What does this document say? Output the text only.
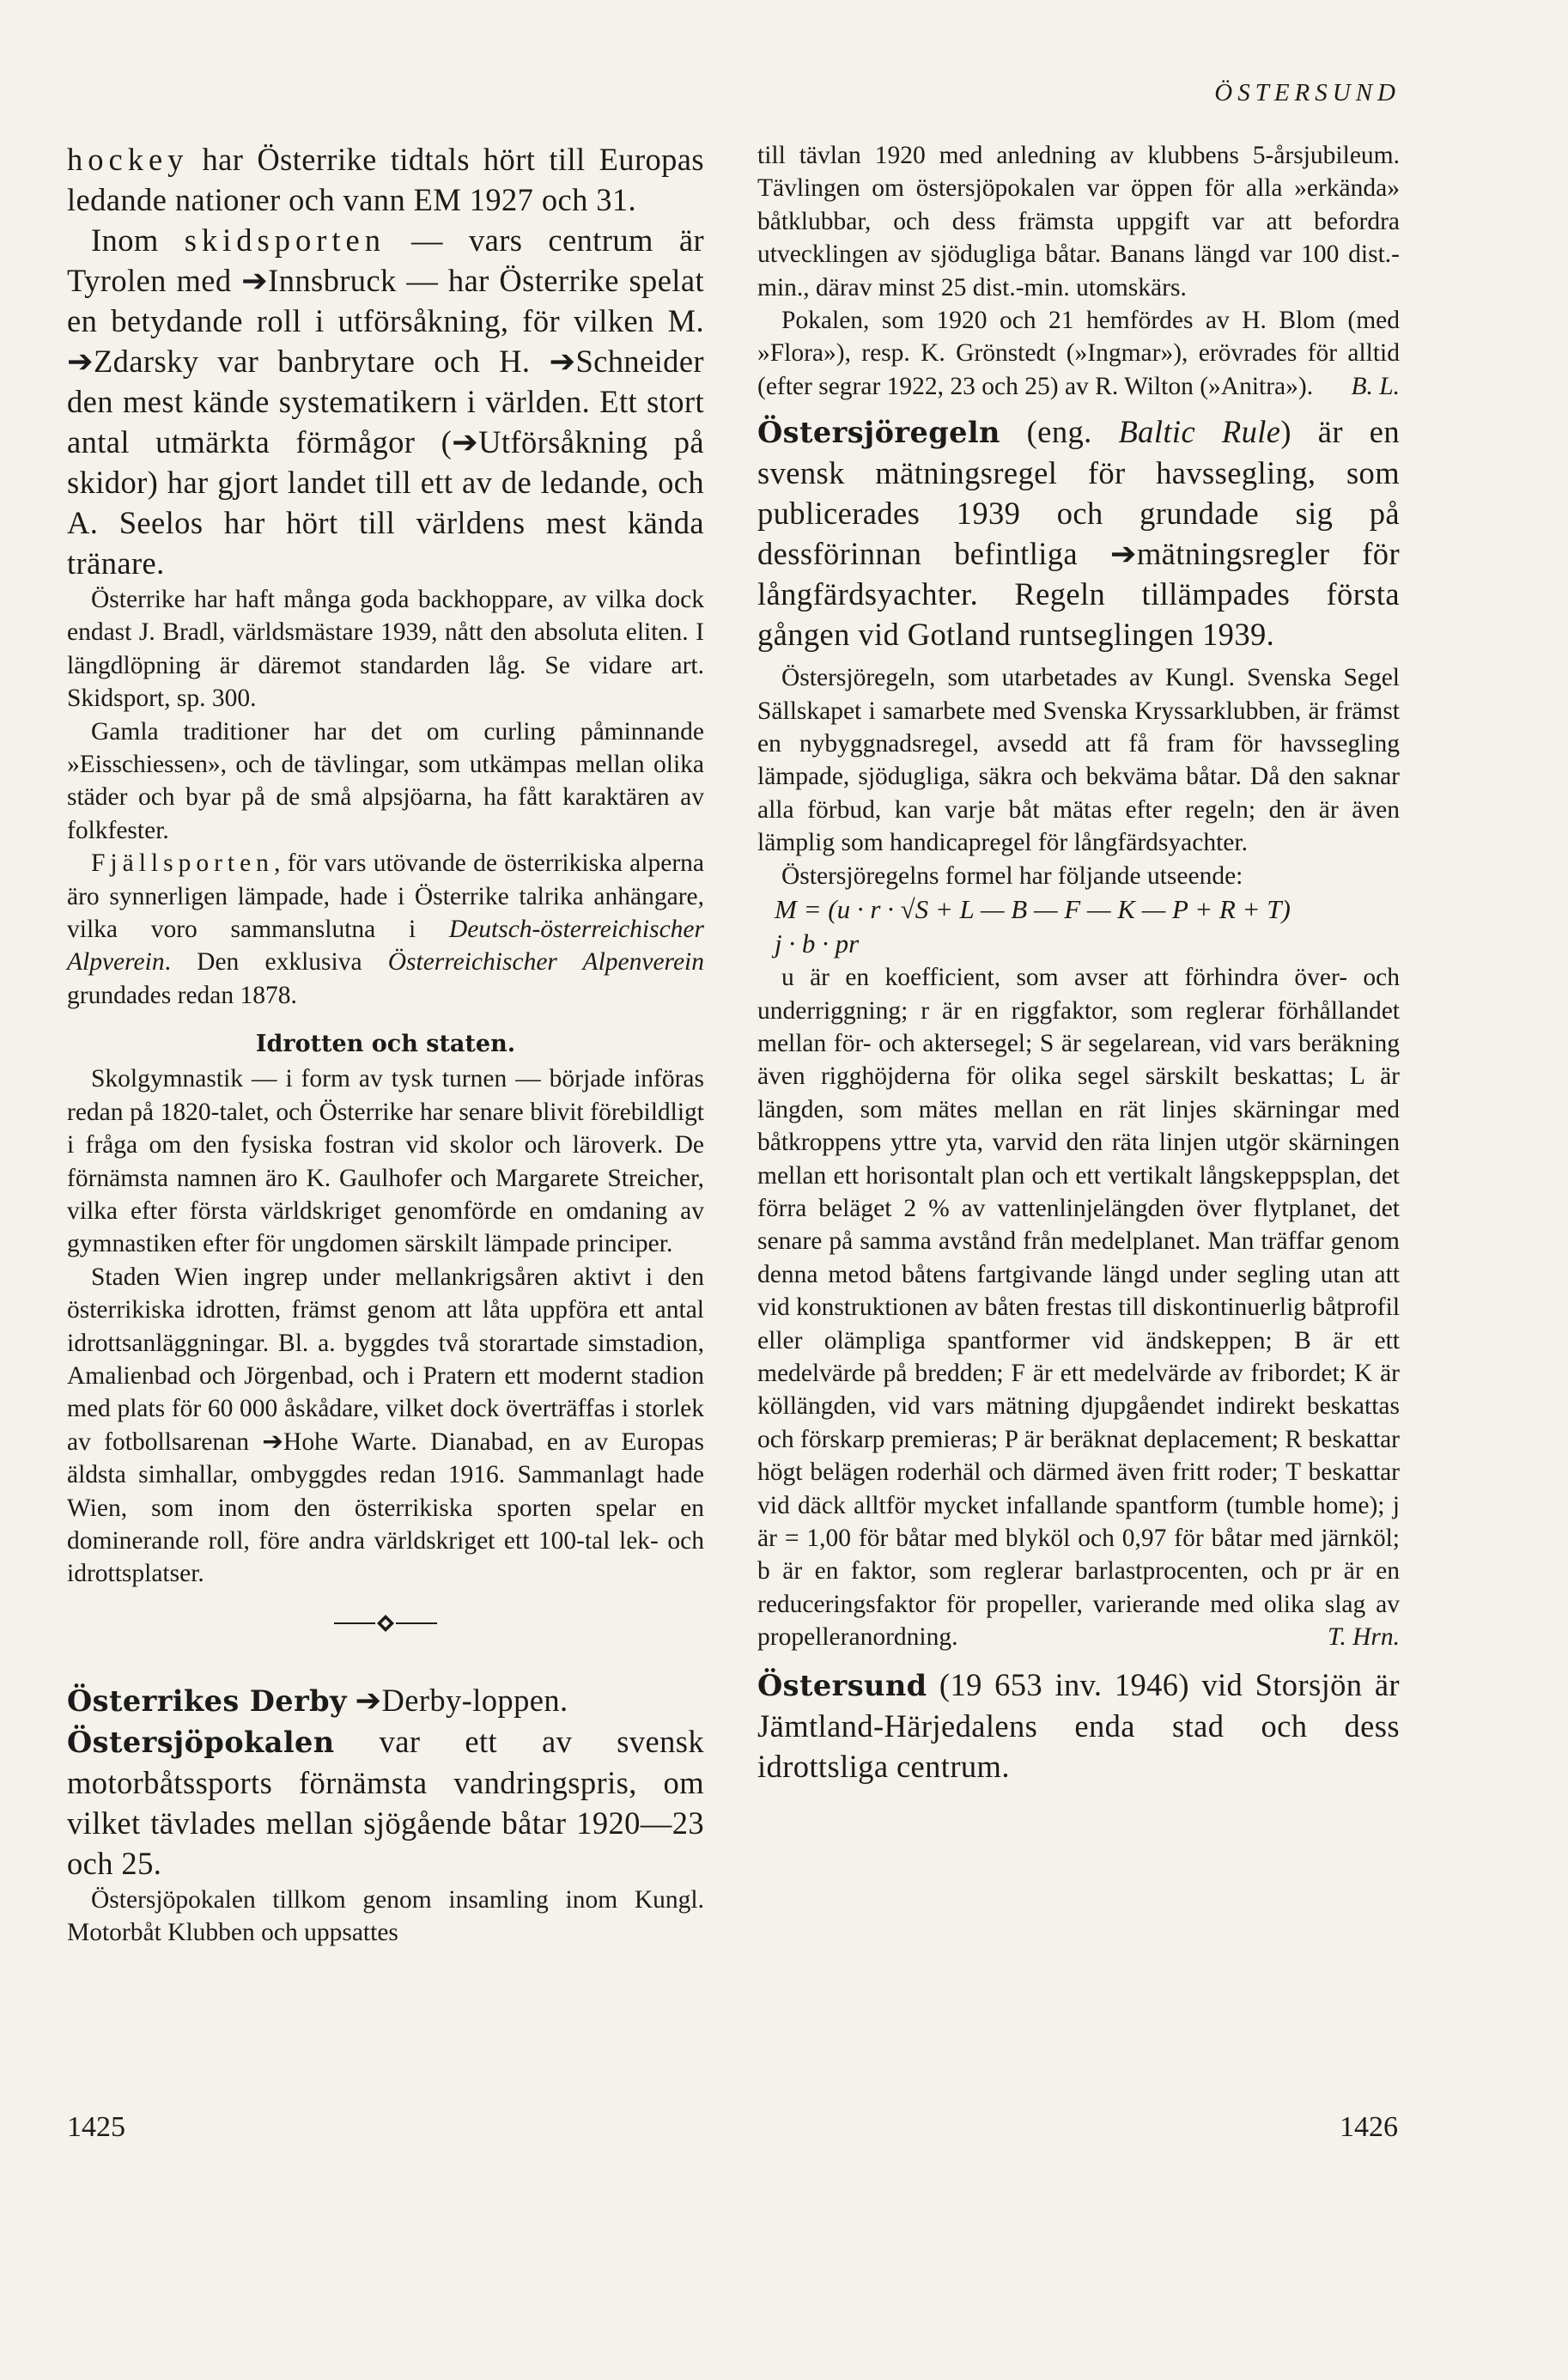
ÖSTERSUND

hockey har Österrike tidtals hört till Europas ledande nationer och vann EM 1927 och 31.

Inom skidsporten — vars centrum är Tyrolen med ➔Innsbruck — har Österrike spelat en betydande roll i utförsåkning, för vilken M. ➔Zdarsky var banbrytare och H. ➔Schneider den mest kände systematikern i världen. Ett stort antal utmärkta förmågor (➔Utförsåkning på skidor) har gjort landet till ett av de ledande, och A. Seelos har hört till världens mest kända tränare.

Österrike har haft många goda backhoppare, av vilka dock endast J. Bradl, världsmästare 1939, nått den absoluta eliten. I längdlöpning är däremot standarden låg. Se vidare art. Skidsport, sp. 300.

Gamla traditioner har det om curling påminnande »Eisschiessen», och de tävlingar, som utkämpas mellan olika städer och byar på de små alpsjöarna, ha fått karaktären av folkfester.

Fjällsporten, för vars utövande de österrikiska alperna äro synnerligen lämpade, hade i Österrike talrika anhängare, vilka voro sammanslutna i Deutsch-österreichischer Alpverein. Den exklusiva Österreichischer Alpenverein grundades redan 1878.

Idrotten och staten.

Skolgymnastik — i form av tysk turnen — började införas redan på 1820-talet, och Österrike har senare blivit förebildligt i fråga om den fysiska fostran vid skolor och läroverk. De förnämsta namnen äro K. Gaulhofer och Margarete Streicher, vilka efter första världskriget genomförde en omdaning av gymnastiken efter för ungdomen särskilt lämpade principer.

Staden Wien ingrep under mellankrigsåren aktivt i den österrikiska idrotten, främst genom att låta uppföra ett antal idrottsanläggningar. Bl. a. byggdes två storartade simstadion, Amalienbad och Jörgenbad, och i Pratern ett modernt stadion med plats för 60 000 åskådare, vilket dock överträffas i storlek av fotbollsarenan ➔Hohe Warte. Dianabad, en av Europas äldsta simhallar, ombyggdes redan 1916. Sammanlagt hade Wien, som inom den österrikiska sporten spelar en dominerande roll, före andra världskriget ett 100-tal lek- och idrottsplatser.

Österrikes Derby ➔Derby-loppen.

Östersjöpokalen var ett av svensk motorbåtssports förnämsta vandringspris, om vilket tävlades mellan sjögående båtar 1920—23 och 25.

Östersjöpokalen tillkom genom insamling inom Kungl. Motorbåt Klubben och uppsattes

till tävlan 1920 med anledning av klubbens 5-årsjubileum. Tävlingen om östersjöpokalen var öppen för alla »erkända» båtklubbar, och dess främsta uppgift var att befordra utvecklingen av sjödugliga båtar. Banans längd var 100 dist.-min., därav minst 25 dist.-min. utomskärs.

Pokalen, som 1920 och 21 hemfördes av H. Blom (med »Flora»), resp. K. Grönstedt (»Ingmar»), erövrades för alltid (efter segrar 1922, 23 och 25) av R. Wilton (»Anitra»).	B. L.

Östersjöregeln (eng. Baltic Rule) är en svensk mätningsregel för havssegling, som publicerades 1939 och grundade sig på dessförinnan befintliga ➔mätningsregler för långfärdsyachter. Regeln tillämpades första gången vid Gotland runtseglingen 1939.

Östersjöregeln, som utarbetades av Kungl. Svenska Segel Sällskapet i samarbete med Svenska Kryssarklubben, är främst en nybyggnadsregel, avsedd att få fram för havssegling lämpade, sjödugliga, säkra och bekväma båtar. Då den saknar alla förbud, kan varje båt mätas efter regeln; den är även lämplig som handicapregel för långfärdsyachter.

Östersjöregelns formel har följande utseende:

M = (u · r · √S + L — B — F — K — P + R + T)
j · b · pr

u är en koefficient, som avser att förhindra över- och underriggning; r är en riggfaktor, som reglerar förhållandet mellan för- och aktersegel; S är segelarean, vid vars beräkning även rigghöjderna för olika segel särskilt beskattas; L är längden, som mätes mellan en rät linjes skärningar med båtkroppens yttre yta, varvid den räta linjen utgör skärningen mellan ett horisontalt plan och ett vertikalt långskeppsplan, det förra beläget 2 % av vattenlinjelängden över flytplanet, det senare på samma avstånd från medelplanet. Man träffar genom denna metod båtens fartgivande längd under segling utan att vid konstruktionen av båten frestas till diskontinuerlig båtprofil eller olämpliga spantformer vid ändskeppen; B är ett medelvärde på bredden; F är ett medelvärde av fribordet; K är köllängden, vid vars mätning djupgåendet indirekt beskattas och förskarp premieras; P är beräknat deplacement; R beskattar högt belägen roderhäl och därmed även fritt roder; T beskattar vid däck alltför mycket infallande spantform (tumble home); j är = 1,00 för båtar med blyköl och 0,97 för båtar med järnköl; b är en faktor, som reglerar barlastprocenten, och pr är en reduceringsfaktor för propeller, varierande med olika slag av propelleranordning.	T. Hrn.

Östersund (19 653 inv. 1946) vid Storsjön är Jämtland-Härjedalens enda stad och dess idrottsliga centrum.

1425	1426
